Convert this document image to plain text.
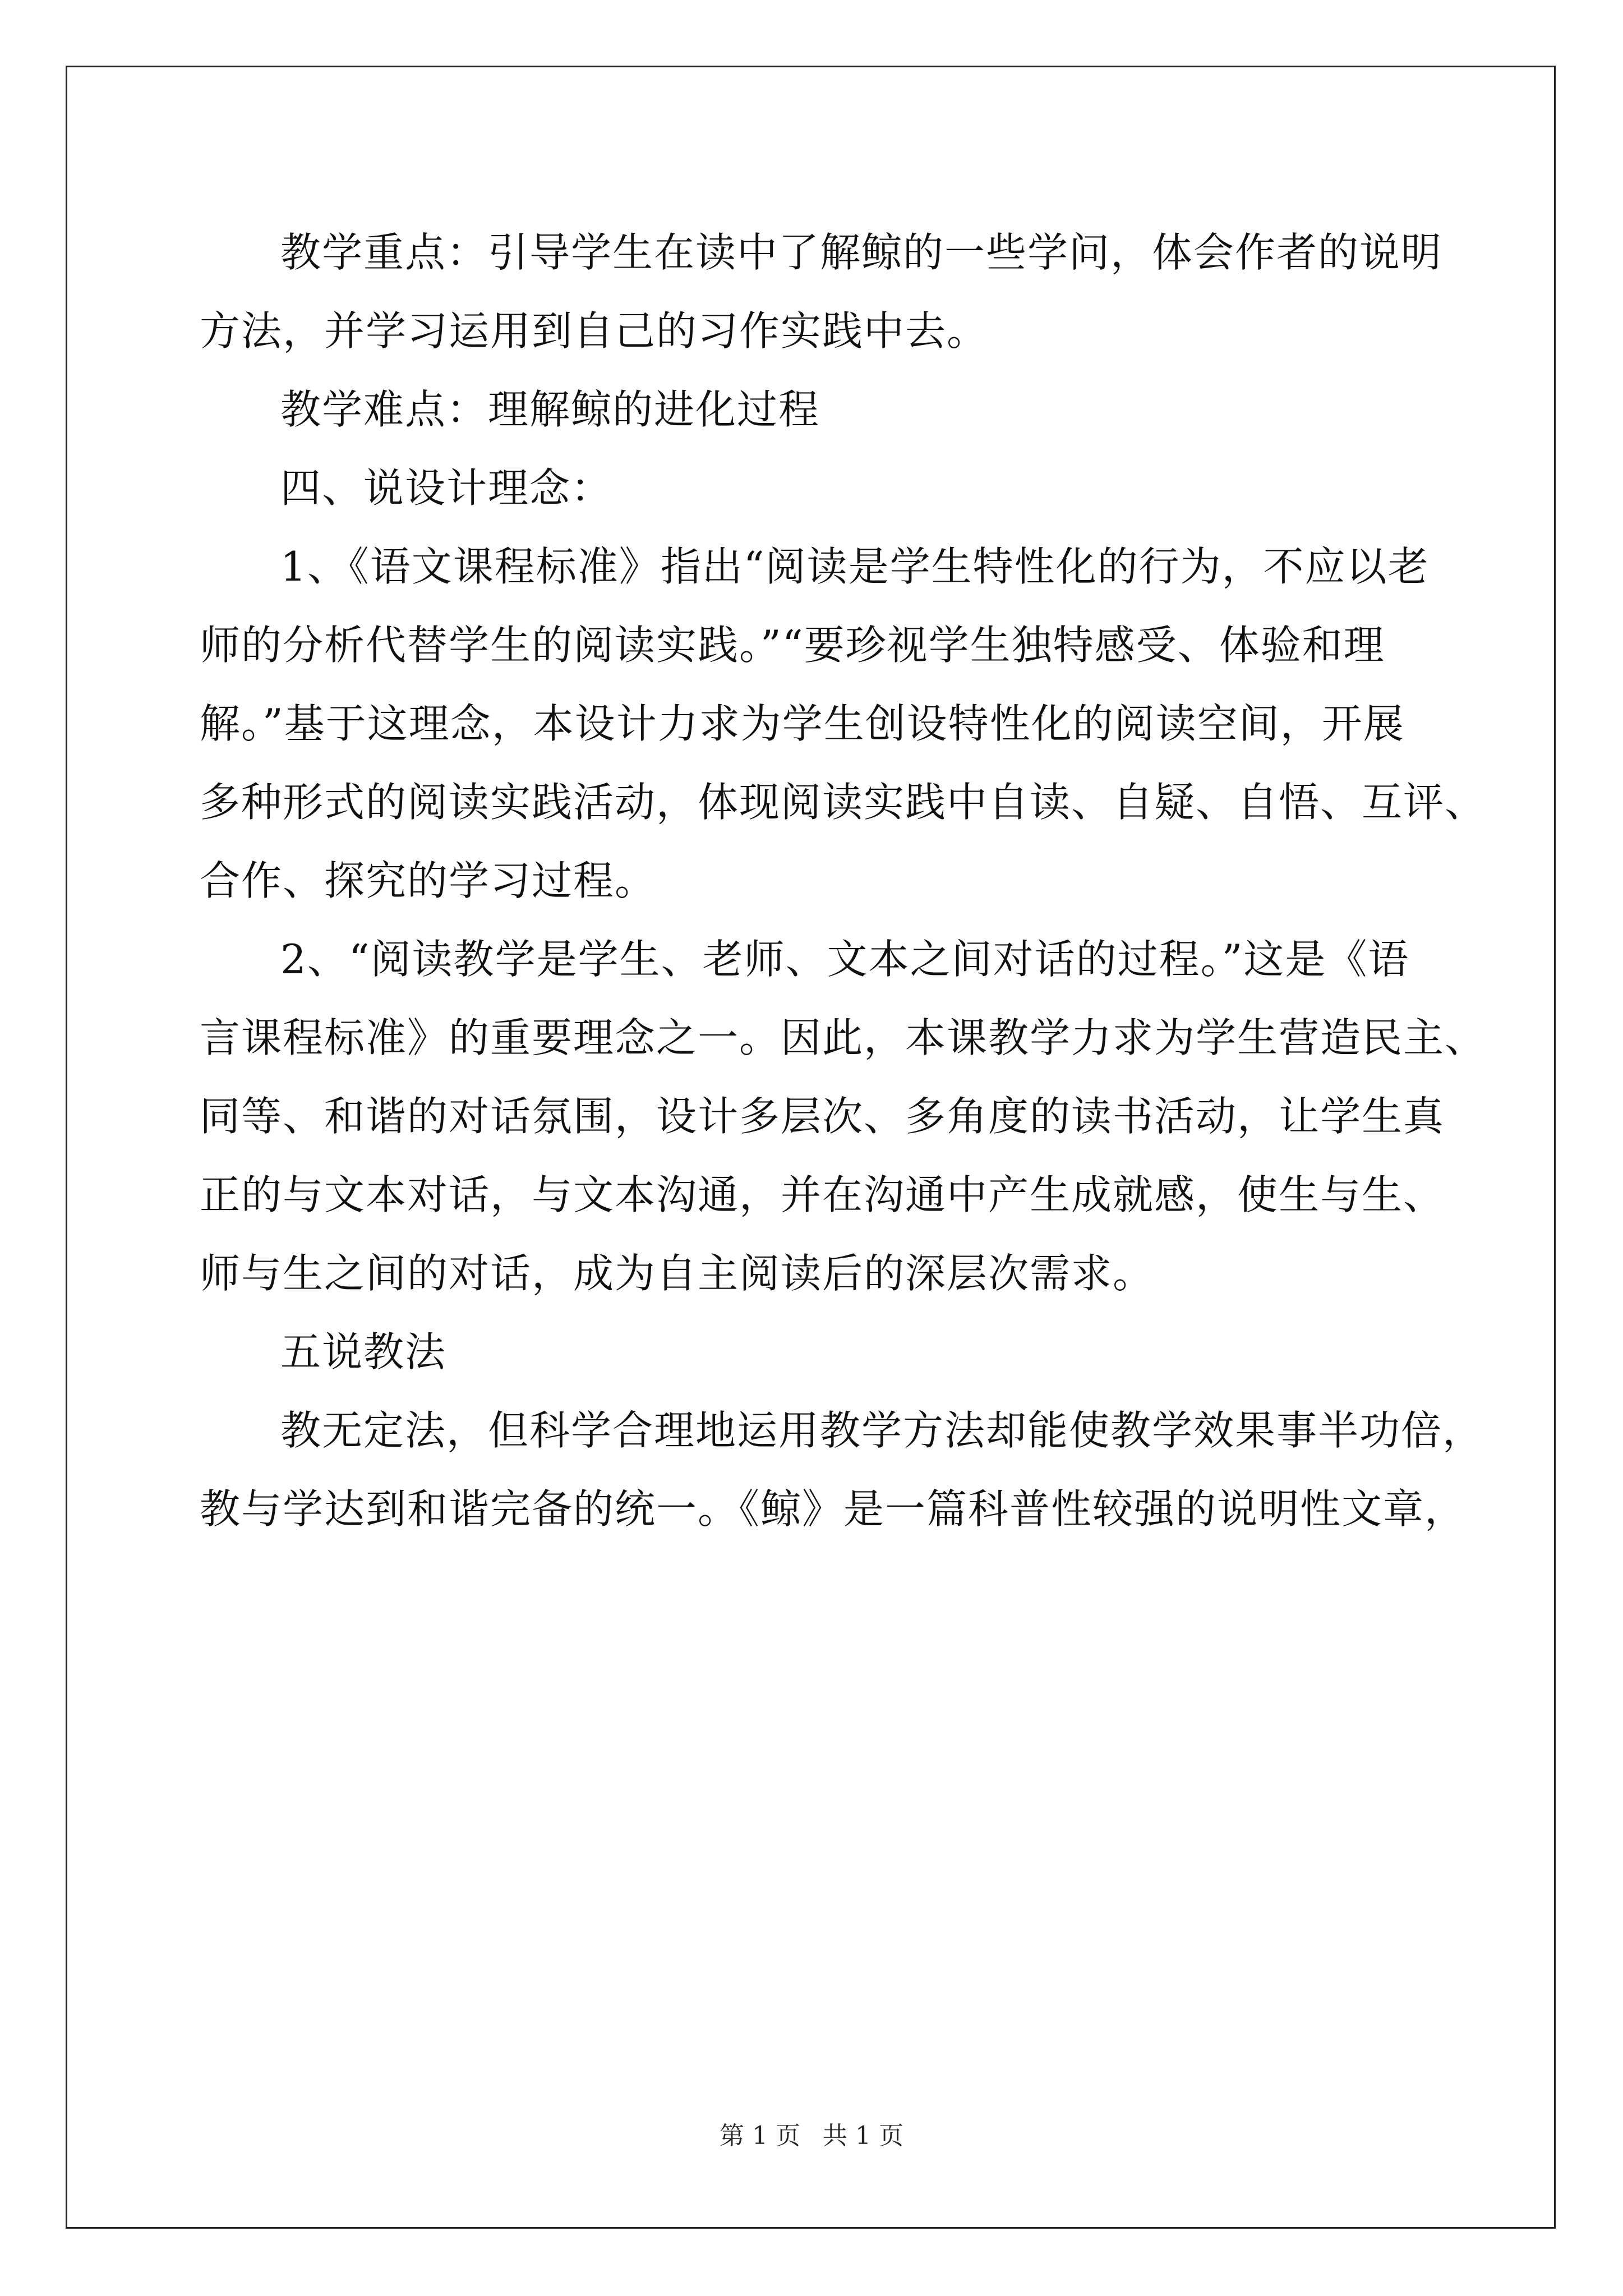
教学重点：引导学生在读中了解鲸的一些学问，体会作者的说明
方法，并学习运用到自己的习作实践中去。
教学难点：理解鲸的进化过程
四、说设计理念：
1、《语文课程标准》指出“阅读是学生特性化的行为，不应以老
师的分析代替学生的阅读实践。”“要珍视学生独特感受、体验和理
解。”基于这理念，本设计力求为学生创设特性化的阅读空间，开展
多种形式的阅读实践活动，体现阅读实践中自读、自疑、自悟、互评、
合作、探究的学习过程。
2、“阅读教学是学生、老师、文本之间对话的过程。”这是《语
言课程标准》的重要理念之一。因此，本课教学力求为学生营造民主、
同等、和谐的对话氛围，设计多层次、多角度的读书活动，让学生真
正的与文本对话，与文本沟通，并在沟通中产生成就感，使生与生、
师与生之间的对话，成为自主阅读后的深层次需求。
五说教法
教无定法，但科学合理地运用教学方法却能使教学效果事半功倍，
教与学达到和谐完备的统一。《鲸》是一篇科普性较强的说明性文章，
第 1 页 共 1 页
